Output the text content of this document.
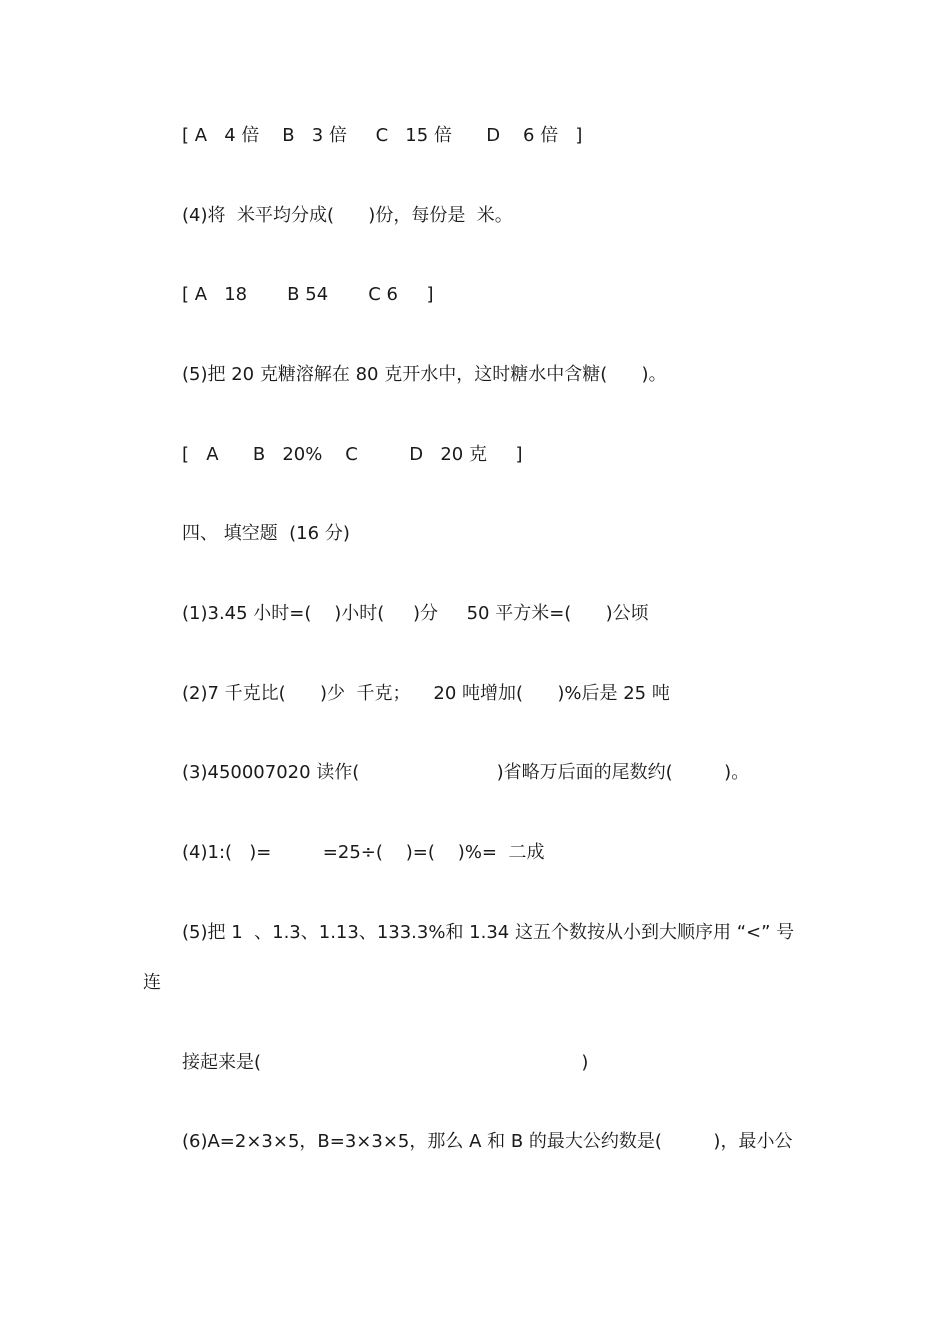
[ A   4 倍    B   3 倍     C   15 倍      D    6 倍   ]
(4)将  米平均分成(      )份，每份是  米。
[ A   18       B 54       C 6     ]
(5)把 20 克糖溶解在 80 克开水中，这时糖水中含糖(      )。
[   A      B   20%    C         D   20 克     ]
四、 填空题  (16 分)
(1)3.45 小时=(    )小时(     )分     50 平方米=(      )公顷
(2)7 千克比(      )少  千克；    20 吨增加(      )%后是 25 吨
(3)450007020 读作(                        )省略万后面的尾数约(         )。
(4)1:(   )=         =25÷(    )=(    )%=  二成
(5)把 1  、1.3、1.13、133.3%和 1.34 这五个数按从小到大顺序用 “<” 号
连
接起来是(                                                        )
(6)A=2×3×5，B=3×3×5，那么 A 和 B 的最大公约数是(         )，最小公
